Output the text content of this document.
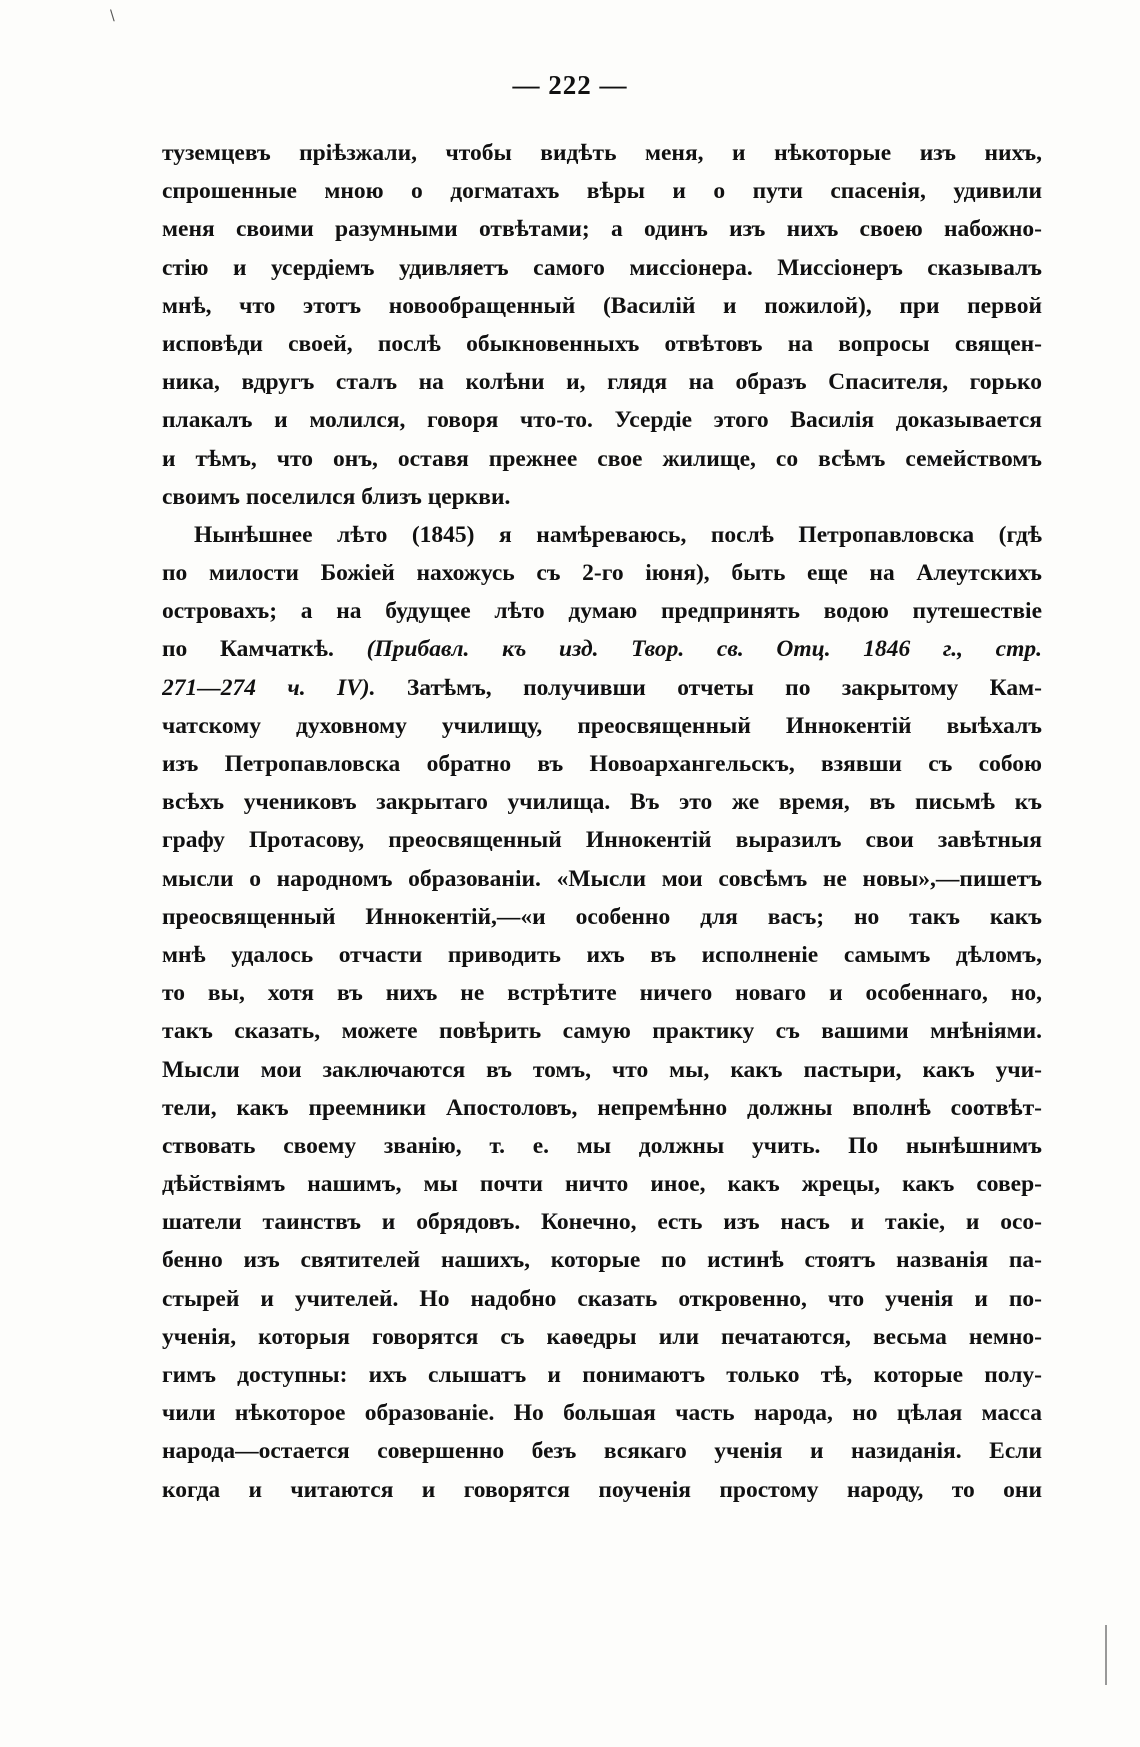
\
— 222 —
туземцевъ пріѣзжали, чтобы видѣть меня, и нѣкоторые изъ нихъ,
спрошенные мною о догматахъ вѣры и о пути спасенія, удивили
меня своими разумными отвѣтами; а одинъ изъ нихъ своею набожно-
стію и усердіемъ удивляетъ самого миссіонера. Миссіонеръ сказывалъ
мнѣ, что этотъ новообращенный (Василій и пожилой), при первой
исповѣди своей, послѣ обыкновенныхъ отвѣтовъ на вопросы священ-
ника, вдругъ сталъ на колѣни и, глядя на образъ Спасителя, горько
плакалъ и молился, говоря что-то. Усердіе этого Василія доказывается
и тѣмъ, что онъ, оставя прежнее свое жилище, со всѣмъ семействомъ
своимъ поселился близъ церкви.
Нынѣшнее лѣто (1845) я намѣреваюсь, послѣ Петропавловска (гдѣ
по милости Божіей нахожусь съ 2-го іюня), быть еще на Алеутскихъ
островахъ; а на будущее лѣто думаю предпринять водою путешествіе
по Камчаткѣ. (Прибавл. къ изд. Твор. св. Отц. 1846 г., стр.
271—274 ч. IV). Затѣмъ, получивши отчеты по закрытому Кам-
чатскому духовному училищу, преосвященный Иннокентій выѣхалъ
изъ Петропавловска обратно въ Новоархангельскъ, взявши съ собою
всѣхъ учениковъ закрытаго училища. Въ это же время, въ письмѣ къ
графу Протасову, преосвященный Иннокентій выразилъ свои завѣтныя
мысли о народномъ образованіи. «Мысли мои совсѣмъ не новы»,—пишетъ
преосвященный Иннокентій,—«и особенно для васъ; но такъ какъ
мнѣ удалось отчасти приводить ихъ въ исполненіе самымъ дѣломъ,
то вы, хотя въ нихъ не встрѣтите ничего новаго и особеннаго, но,
такъ сказать, можете повѣрить самую практику съ вашими мнѣніями.
Мысли мои заключаются въ томъ, что мы, какъ пастыри, какъ учи-
тели, какъ преемники Апостоловъ, непремѣнно должны вполнѣ соотвѣт-
ствовать своему званію, т. е. мы должны учить. По нынѣшнимъ
дѣйствіямъ нашимъ, мы почти ничто иное, какъ жрецы, какъ совер-
шатели таинствъ и обрядовъ. Конечно, есть изъ насъ и такіе, и осо-
бенно изъ святителей нашихъ, которые по истинѣ стоятъ названія па-
стырей и учителей. Но надобно сказать откровенно, что ученія и по-
ученія, которыя говорятся съ каѳедры или печатаются, весьма немно-
гимъ доступны: ихъ слышатъ и понимаютъ только тѣ, которые полу-
чили нѣкоторое образованіе. Но большая часть народа, но цѣлая масса
народа—остается совершенно безъ всякаго ученія и назиданія. Если
когда и читаются и говорятся поученія простому народу, то они
